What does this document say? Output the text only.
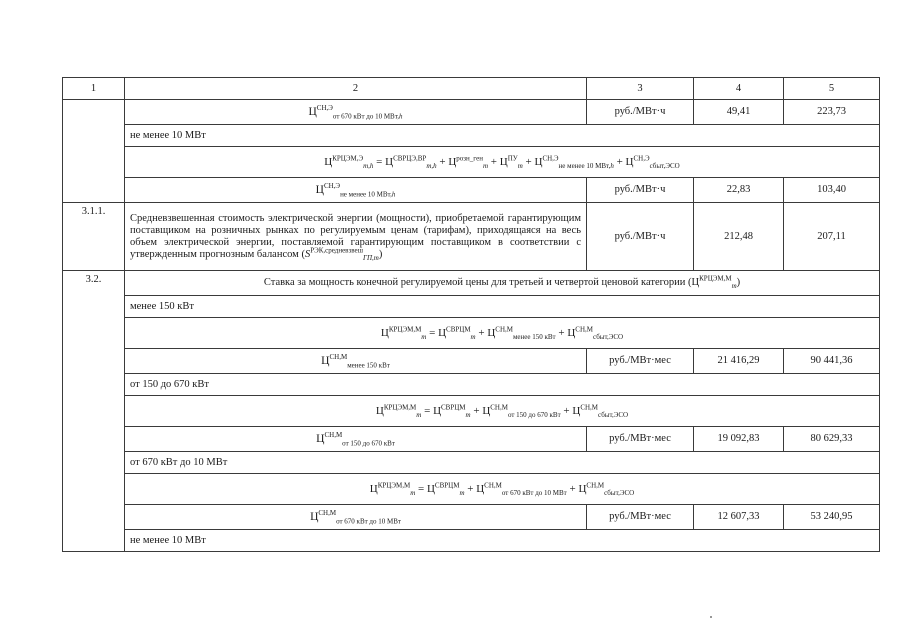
1	2	3	4	5
	$Ц^{СН,Э}_{от 670 кВт до 10 МВт,h}$	руб./МВт·ч	49,41	223,73
	не менее 10 МВт			
	$Ц^{КРЦЭМ,Э}_{m,h} = Ц^{СВРЦЭ,ВР}_{m,h} + Ц^{розн\_ген}_m + Ц^{ПУ}_m + Ц^{СН,Э}_{не менее 10 МВт,h} + Ц^{СН,Э}_{сбыт,ЭСО}$
	$Ц^{СН,Э}_{не менее 10 МВт,h}$	руб./МВт·ч	22,83	103,40
3.1.1.	Средневзвешенная стоимость электрической энергии (мощности), приобретаемой гарантирующим поставщиком на розничных рынках по регулируемым ценам (тарифам), приходящаяся на весь объем электрической энергии, поставляемой гарантирующим поставщиком в соответствии с утвержденным прогнозным балансом $(S^{РЭК,средневзвеш}_{ГП,m})$	руб./МВт·ч	212,48	207,11
3.2.	Ставка за мощность конечной регулируемой цены для третьей и четвертой ценовой категории $(Ц^{КРЦЭМ,М}_m)$			
	менее 150 кВт			
	$Ц^{КРЦЭМ,М}_m = Ц^{СВРЦМ}_m + Ц^{СН,М}_{менее 150 кВт} + Ц^{СН,М}_{сбыт,ЭСО}$
	$Ц^{СН,М}_{менее 150 кВт}$	руб./МВт·мес	21 416,29	90 441,36
	от 150 до 670 кВт			
	$Ц^{КРЦЭМ,М}_m = Ц^{СВРЦМ}_m + Ц^{СН,М}_{от 150 до 670 кВт} + Ц^{СН,М}_{сбыт,ЭСО}$
	$Ц^{СН,М}_{от 150 до 670 кВт}$	руб./МВт·мес	19 092,83	80 629,33
	от 670 кВт до 10 МВт			
	$Ц^{КРЦЭМ,М}_m = Ц^{СВРЦМ}_m + Ц^{СН,М}_{от 670 кВт до 10 МВт} + Ц^{СН,М}_{сбыт,ЭСО}$
	$Ц^{СН,М}_{от 670 кВт до 10 МВт}$	руб./МВт·мес	12 607,33	53 240,95
	не менее 10 МВт			
